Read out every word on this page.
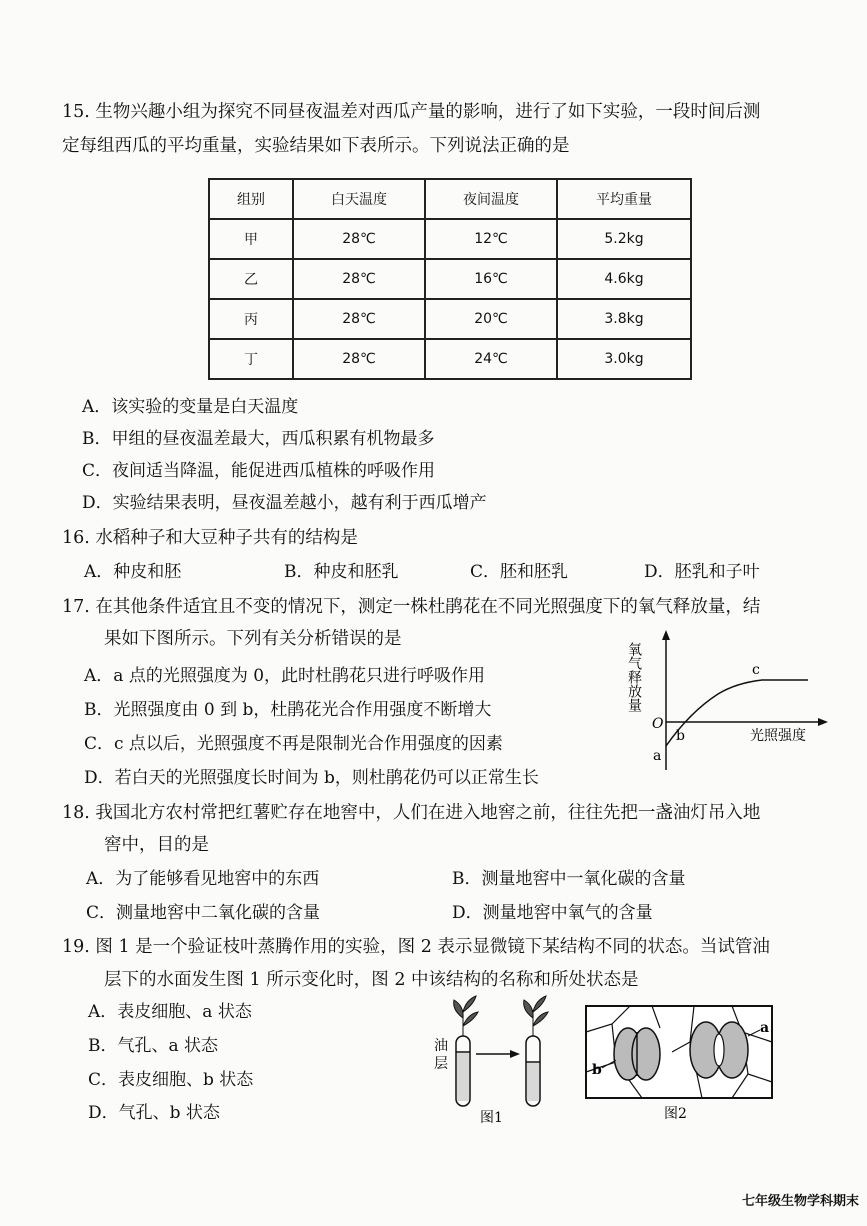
15. 生物兴趣小组为探究不同昼夜温差对西瓜产量的影响，进行了如下实验，一段时间后测
定每组西瓜的平均重量，实验结果如下表所示。下列说法正确的是
组别	白天温度	夜间温度	平均重量
甲	28℃	12℃	5.2kg
乙	28℃	16℃	4.6kg
丙	28℃	20℃	3.8kg
丁	28℃	24℃	3.0kg
A．该实验的变量是白天温度
B．甲组的昼夜温差最大，西瓜积累有机物最多
C．夜间适当降温，能促进西瓜植株的呼吸作用
D．实验结果表明，昼夜温差越小，越有利于西瓜增产
16. 水稻种子和大豆种子共有的结构是
A．种皮和胚	B．种皮和胚乳	C．胚和胚乳	D．胚乳和子叶
17. 在其他条件适宜且不变的情况下，测定一株杜鹃花在不同光照强度下的氧气释放量，结
果如下图所示。下列有关分析错误的是
A．a 点的光照强度为 0，此时杜鹃花只进行呼吸作用
B．光照强度由 0 到 b，杜鹃花光合作用强度不断增大
C．c 点以后，光照强度不再是限制光合作用强度的因素
D．若白天的光照强度长时间为 b，则杜鹃花仍可以正常生长
氧气释放量
光照强度
O
a
b
c
18. 我国北方农村常把红薯贮存在地窖中，人们在进入地窖之前，往往先把一盏油灯吊入地
窖中，目的是
A．为了能够看见地窖中的东西	B．测量地窖中一氧化碳的含量
C．测量地窖中二氧化碳的含量	D．测量地窖中氧气的含量
19. 图 1 是一个验证枝叶蒸腾作用的实验，图 2 表示显微镜下某结构不同的状态。当试管油
层下的水面发生图 1 所示变化时，图 2 中该结构的名称和所处状态是
A．表皮细胞、a 状态
B．气孔、a 状态
C．表皮细胞、b 状态
D．气孔、b 状态
油
层
图1
a
b
图2
七年级生物学科期末
